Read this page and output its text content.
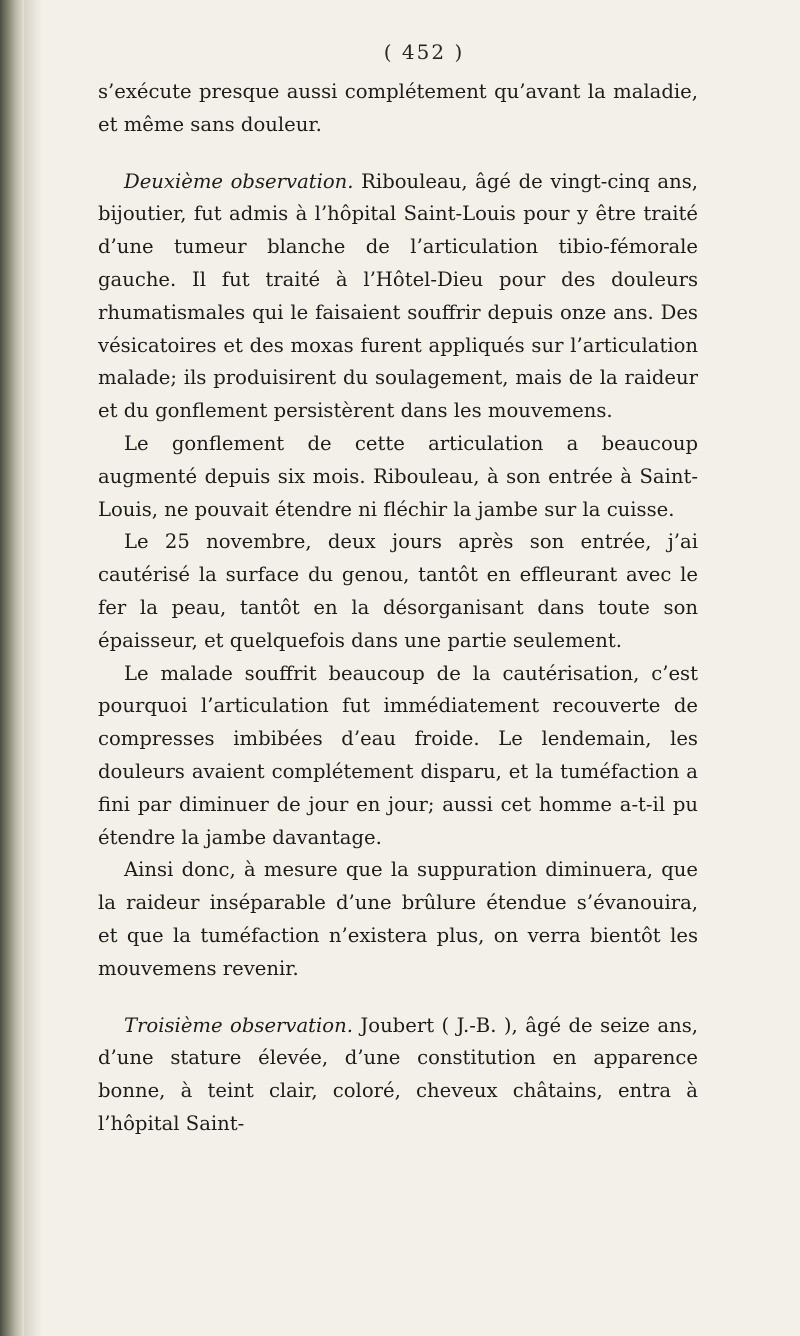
( 452 )

s’exécute presque aussi complétement qu’avant la maladie, et même sans douleur.

Deuxième observation. Ribouleau, âgé de vingt-cinq ans, bijoutier, fut admis à l’hôpital Saint-Louis pour y être traité d’une tumeur blanche de l’articulation tibio-fémorale gauche. Il fut traité à l’Hôtel-Dieu pour des douleurs rhumatismales qui le faisaient souffrir depuis onze ans. Des vésicatoires et des moxas furent appliqués sur l’articulation malade; ils produisirent du soulagement, mais de la raideur et du gonflement persistèrent dans les mouvemens.

Le gonflement de cette articulation a beaucoup augmenté depuis six mois. Ribouleau, à son entrée à Saint-Louis, ne pouvait étendre ni fléchir la jambe sur la cuisse.

Le 25 novembre, deux jours après son entrée, j’ai cautérisé la surface du genou, tantôt en effleurant avec le fer la peau, tantôt en la désorganisant dans toute son épaisseur, et quelquefois dans une partie seulement.

Le malade souffrit beaucoup de la cautérisation, c’est pourquoi l’articulation fut immédiatement recouverte de compresses imbibées d’eau froide. Le lendemain, les douleurs avaient complétement disparu, et la tuméfaction a fini par diminuer de jour en jour; aussi cet homme a-t-il pu étendre la jambe davantage.

Ainsi donc, à mesure que la suppuration diminuera, que la raideur inséparable d’une brûlure étendue s’évanouira, et que la tuméfaction n’existera plus, on verra bientôt les mouvemens revenir.

Troisième observation. Joubert ( J.-B. ), âgé de seize ans, d’une stature élevée, d’une constitution en apparence bonne, à teint clair, coloré, cheveux châtains, entra à l’hôpital Saint-
